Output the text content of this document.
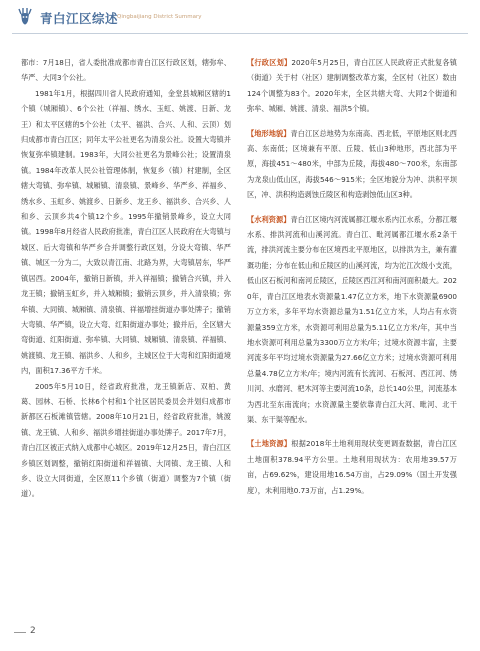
青白江区综述
Qingbaijiang District Summary

都市：7月18日，省人委批准成都市青白江区行政区划，辖弥牟、华严、大同3个公社。

1981年1月，根据四川省人民政府通知，金堂县城厢区辖的1个镇（城厢镇）、6个公社（祥福、绣水、玉虹、姚渡、日新、龙王）和太平区辖的5个公社（太平、福洪、合兴、人和、云顶）划归成都市青白江区；同年太平公社更名为清泉公社。设置大弯镇并恢复弥牟镇建制。1983年，大同公社更名为景峰公社；设置清泉镇。1984年改革人民公社管理体制，恢复乡（镇）村建制，全区辖大弯镇、弥牟镇、城厢镇、清泉镇、景峰乡、华严乡、祥福乡、绣水乡、玉虹乡、姚渡乡、日新乡、龙王乡、福洪乡、合兴乡、人和乡、云顶乡共4个镇12个乡。1995年撤销景峰乡，设立大同镇。1998年8月经省人民政府批准，青白江区人民政府在大弯镇与城区、后大弯镇和华严乡合并调整行政区划，分设大弯镇、华严镇、城区一分为二，大致以青江南、北路为界，大弯镇居东，华严镇居西。2004年，撤销日新镇，并入祥福镇；撤销合兴镇，并入龙王镇；撤销玉虹乡，并入城厢镇；撤销云顶乡，并入清泉镇；弥牟镇、大同镇、城厢镇、清泉镇、祥福增挂街道办事处牌子；撤销大弯镇、华严镇，设立大弯、红阳街道办事处；撤并后，全区辖大弯街道、红阳街道、弥牟镇、大同镇、城厢镇、清泉镇、祥福镇、姚渡镇、龙王镇、福洪乡、人和乡，主城区位于大弯和红阳街道境内，面积17.36平方千米。

2005年5月10日，经省政府批准，龙王镇新店、双柏、黄葛、园林、石桥、长林6个村和1个社区居民委员会并划归成都市新都区石板滩镇管辖。2008年10月21日，经省政府批准，姚渡镇、龙王镇、人和乡、福洪乡增挂街道办事处牌子。2017年7月，青白江区被正式纳入成都中心城区。2019年12月25日，青白江区乡镇区划调整，撤销红阳街道和祥福镇、大同镇、龙王镇、人和乡、设立大同街道，全区原11个乡镇（街道）调整为7个镇（街道）。

【行政区划】2020年5月25日，青白江区人民政府正式批复各镇（街道）关于村（社区）建制调整改革方案，全区村（社区）数由124个调整为83个。2020年末，全区共辖大弯、大同2个街道和弥牟、城厢、姚渡、清泉、福洪5个镇。
【地形地貌】青白江区总地势为东南高、西北低，平原地区则北西高、东南低；区境兼有平原、丘陵、低山3种地形，西北部为平原，海拔451～480米，中部为丘陵，海拔480～700米，东南部为龙泉山低山区，海拔546～915米；全区地貌分为冲、洪积平坝区，冲、洪积构造剥蚀丘陵区和构造剥蚀低山区3种。
【水利资源】青白江区境内河流属都江堰水系内江水系，分都江堰水系、排洪河流和山溪河流。青白江、毗河属都江堰水系2条干流，排洪河流主要分布在区境西北平原地区，以排洪为主，兼有灌溉功能；分布在低山和丘陵区的山溪河流，均为沱江次级小支流，低山区石板河和南河丘陵区，丘陵区西江河和南河面积最大。2020年，青白江区地表水资源量1.47亿立方米，地下水资源量6900万立方米，多年平均水资源总量为1.51亿立方米，人均占有水资源量359立方米，水资源可利用总量为5.11亿立方米/年，其中当地水资源可利用总量为3300万立方米/年；过境水资源丰富，主要河流多年平均过境水资源量为27.66亿立方米；过境水资源可利用总量4.78亿立方米/年；境内河流有长流河、石板河、西江河、绣川河、水磨河、杷木河等主要河流10条，总长140公里，河流基本为西北至东南流向；水资源量主要依靠青白江大河、毗河、北干渠、东干渠等配水。
【土地资源】根据2018年土地利用现状变更调查数据，青白江区土地面积378.94平方公里。土地利用现状为：农用地39.57万亩，占69.62%，建设用地16.54万亩，占29.09%（国土开发强度），未利用地0.73万亩，占1.29%。
2
